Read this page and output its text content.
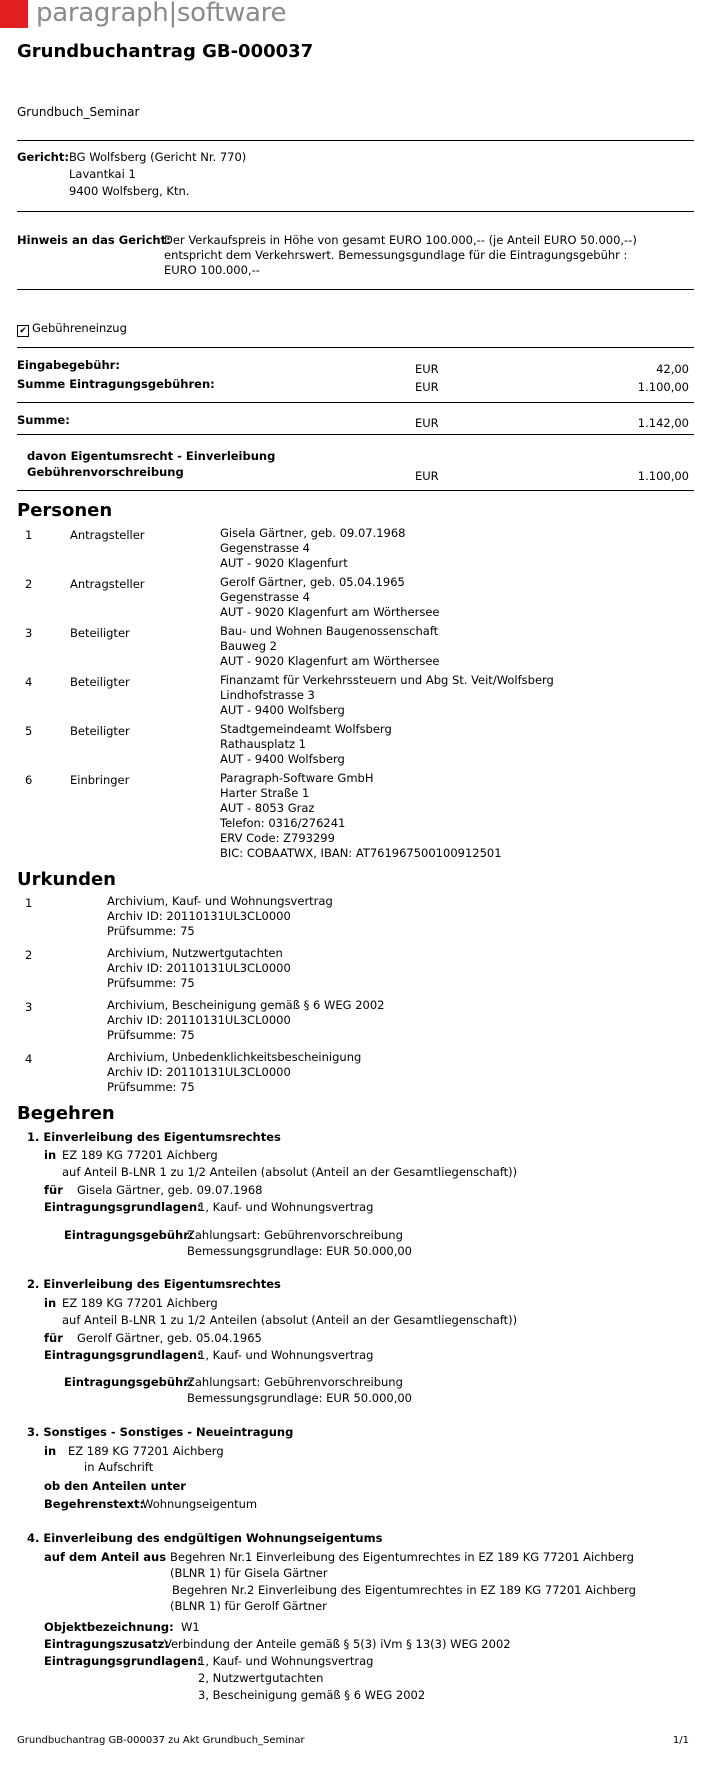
paragraph|software
Grundbuchantrag GB-000037
Grundbuch_Seminar
Gericht: BG Wolfsberg (Gericht Nr. 770)
Lavantkai 1
9400 Wolfsberg, Ktn.
Hinweis an das Gericht:
Der Verkaufspreis in Höhe von gesamt EURO 100.000,-- (je Anteil EURO 50.000,--)
entspricht dem Verkehrswert. Bemessungsgundlage für die Eintragungsgebühr :
EURO 100.000,--
✔ Gebühreneinzug
Eingabegebühr:	EUR	42,00
Summe Eintragungsgebühren:	EUR	1.100,00
Summe:	EUR	1.142,00
davon Eigentumsrecht - Einverleibung
Gebührenvorschreibung	EUR	1.100,00
Personen
1	Antragsteller	Gisela Gärtner, geb. 09.07.1968
Gegenstrasse 4
AUT - 9020 Klagenfurt
2	Antragsteller	Gerolf Gärtner, geb. 05.04.1965
Gegenstrasse 4
AUT - 9020 Klagenfurt am Wörthersee
3	Beteiligter	Bau- und Wohnen Baugenossenschaft
Bauweg 2
AUT - 9020 Klagenfurt am Wörthersee
4	Beteiligter	Finanzamt für Verkehrssteuern und Abg St. Veit/Wolfsberg
Lindhofstrasse 3
AUT - 9400 Wolfsberg
5	Beteiligter	Stadtgemeindeamt Wolfsberg
Rathausplatz 1
AUT - 9400 Wolfsberg
6	Einbringer	Paragraph-Software GmbH
Harter Straße 1
AUT - 8053 Graz
Telefon: 0316/276241
ERV Code: Z793299
BIC: COBAATWX, IBAN: AT761967500100912501
Urkunden
1	Archivium, Kauf- und Wohnungsvertrag
Archiv ID: 20110131UL3CL0000
Prüfsumme: 75
2	Archivium, Nutzwertgutachten
Archiv ID: 20110131UL3CL0000
Prüfsumme: 75
3	Archivium, Bescheinigung gemäß § 6 WEG 2002
Archiv ID: 20110131UL3CL0000
Prüfsumme: 75
4	Archivium, Unbedenklichkeitsbescheinigung
Archiv ID: 20110131UL3CL0000
Prüfsumme: 75
Begehren
1. Einverleibung des Eigentumsrechtes
in EZ 189 KG 77201 Aichberg
auf Anteil B-LNR 1 zu 1/2 Anteilen (absolut (Anteil an der Gesamtliegenschaft))
für Gisela Gärtner, geb. 09.07.1968
Eintragungsgrundlagen:
1, Kauf- und Wohnungsvertrag
Eintragungsgebühr:
Zahlungsart: Gebührenvorschreibung
Bemessungsgrundlage: EUR 50.000,00
2. Einverleibung des Eigentumsrechtes
in EZ 189 KG 77201 Aichberg
auf Anteil B-LNR 1 zu 1/2 Anteilen (absolut (Anteil an der Gesamtliegenschaft))
für Gerolf Gärtner, geb. 05.04.1965
Eintragungsgrundlagen:
1, Kauf- und Wohnungsvertrag
Eintragungsgebühr:
Zahlungsart: Gebührenvorschreibung
Bemessungsgrundlage: EUR 50.000,00
3. Sonstiges - Sonstiges - Neueintragung
in EZ 189 KG 77201 Aichberg
in Aufschrift
ob den Anteilen unter
Begehrenstext:
Wohnungseigentum
4. Einverleibung des endgültigen Wohnungseigentums
auf dem Anteil aus Begehren Nr.1 Einverleibung des Eigentumrechtes in EZ 189 KG 77201 Aichberg
(BLNR 1) für Gisela Gärtner
Begehren Nr.2 Einverleibung des Eigentumrechtes in EZ 189 KG 77201 Aichberg
(BLNR 1) für Gerolf Gärtner
Objektbezeichnung: W1
Eintragungszusatz:
Verbindung der Anteile gemäß § 5(3) iVm § 13(3) WEG 2002
Eintragungsgrundlagen:
1, Kauf- und Wohnungsvertrag
2, Nutzwertgutachten
3, Bescheinigung gemäß § 6 WEG 2002
Grundbuchantrag GB-000037 zu Akt Grundbuch_Seminar	1/1
